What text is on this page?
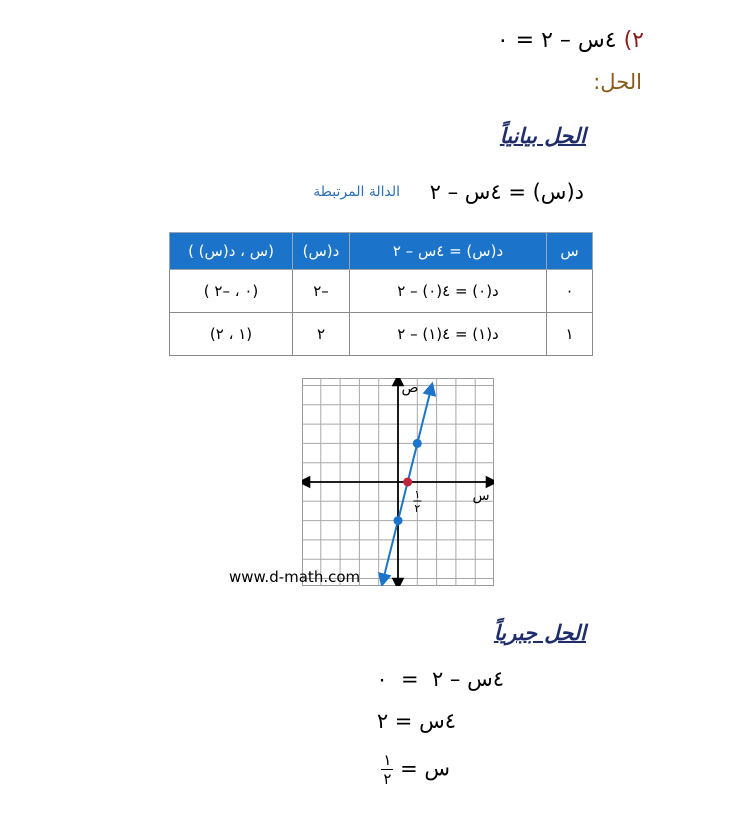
٢) ٤س – ٢ = ٠
الحل:
الحل بيانياً
د(س) = ٤س – ٢
الدالة المرتبطة
س	د(س) = ٤س – ٢	د(س)	(س ، د(س) )
٠	د(٠) = ٤(٠) – ٢	–٢	(٠ ، –٢ )
١	د(١) = ٤(١) – ٢	٢	(١ ، ٢)
س
ص
١
٢
www.d-math.com
الحل جبرياً
٤س – ٢  =  ٠
٤س = ٢
س =
$\frac{١}{٢}$
